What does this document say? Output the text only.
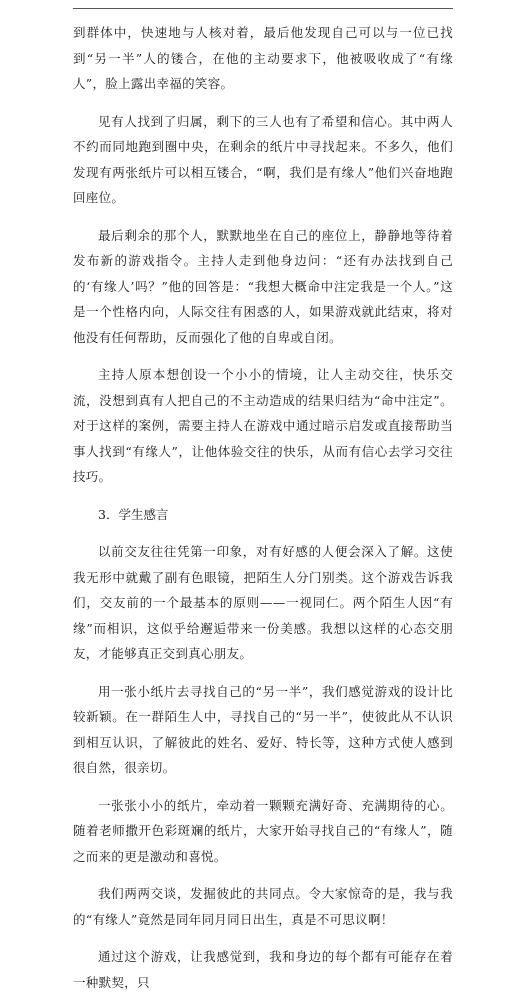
到群体中，快速地与人核对着，最后他发现自己可以与一位已找到“另一半”人的镂合，在他的主动要求下，他被吸收成了“有缘人”，脸上露出幸福的笑容。

见有人找到了归属，剩下的三人也有了希望和信心。其中两人不约而同地跑到圈中央，在剩余的纸片中寻找起来。不多久，他们发现有两张纸片可以相互镂合，“啊，我们是有缘人”他们兴奋地跑回座位。

最后剩余的那个人，默默地坐在自己的座位上，静静地等待着发布新的游戏指令。主持人走到他身边问：“还有办法找到自己的‘有缘人’吗？”他的回答是：“我想大概命中注定我是一个人。”这是一个性格内向，人际交往有困惑的人，如果游戏就此结束，将对他没有任何帮助，反而强化了他的自卑或自闭。

主持人原本想创设一个小小的情境，让人主动交往，快乐交流，没想到真有人把自己的不主动造成的结果归结为“命中注定”。对于这样的案例，需要主持人在游戏中通过暗示启发或直接帮助当事人找到“有缘人”，让他体验交往的快乐，从而有信心去学习交往技巧。

3．学生感言

以前交友往往凭第一印象，对有好感的人便会深入了解。这使我无形中就戴了副有色眼镜，把陌生人分门别类。这个游戏告诉我们，交友前的一个最基本的原则——一视同仁。两个陌生人因“有缘”而相识，这似乎给邂逅带来一份美感。我想以这样的心态交朋友，才能够真正交到真心朋友。

用一张小纸片去寻找自己的“另一半”，我们感觉游戏的设计比较新颖。在一群陌生人中，寻找自己的“另一半”，使彼此从不认识到相互认识，了解彼此的姓名、爱好、特长等，这种方式使人感到很自然，很亲切。

一张张小小的纸片，牵动着一颗颗充满好奇、充满期待的心。随着老师撒开色彩斑斓的纸片，大家开始寻找自己的“有缘人”，随之而来的更是激动和喜悦。

我们两两交谈，发掘彼此的共同点。令大家惊奇的是，我与我的“有缘人”竟然是同年同月同日出生，真是不可思议啊！

通过这个游戏，让我感觉到，我和身边的每个都有可能存在着一种默契，只
